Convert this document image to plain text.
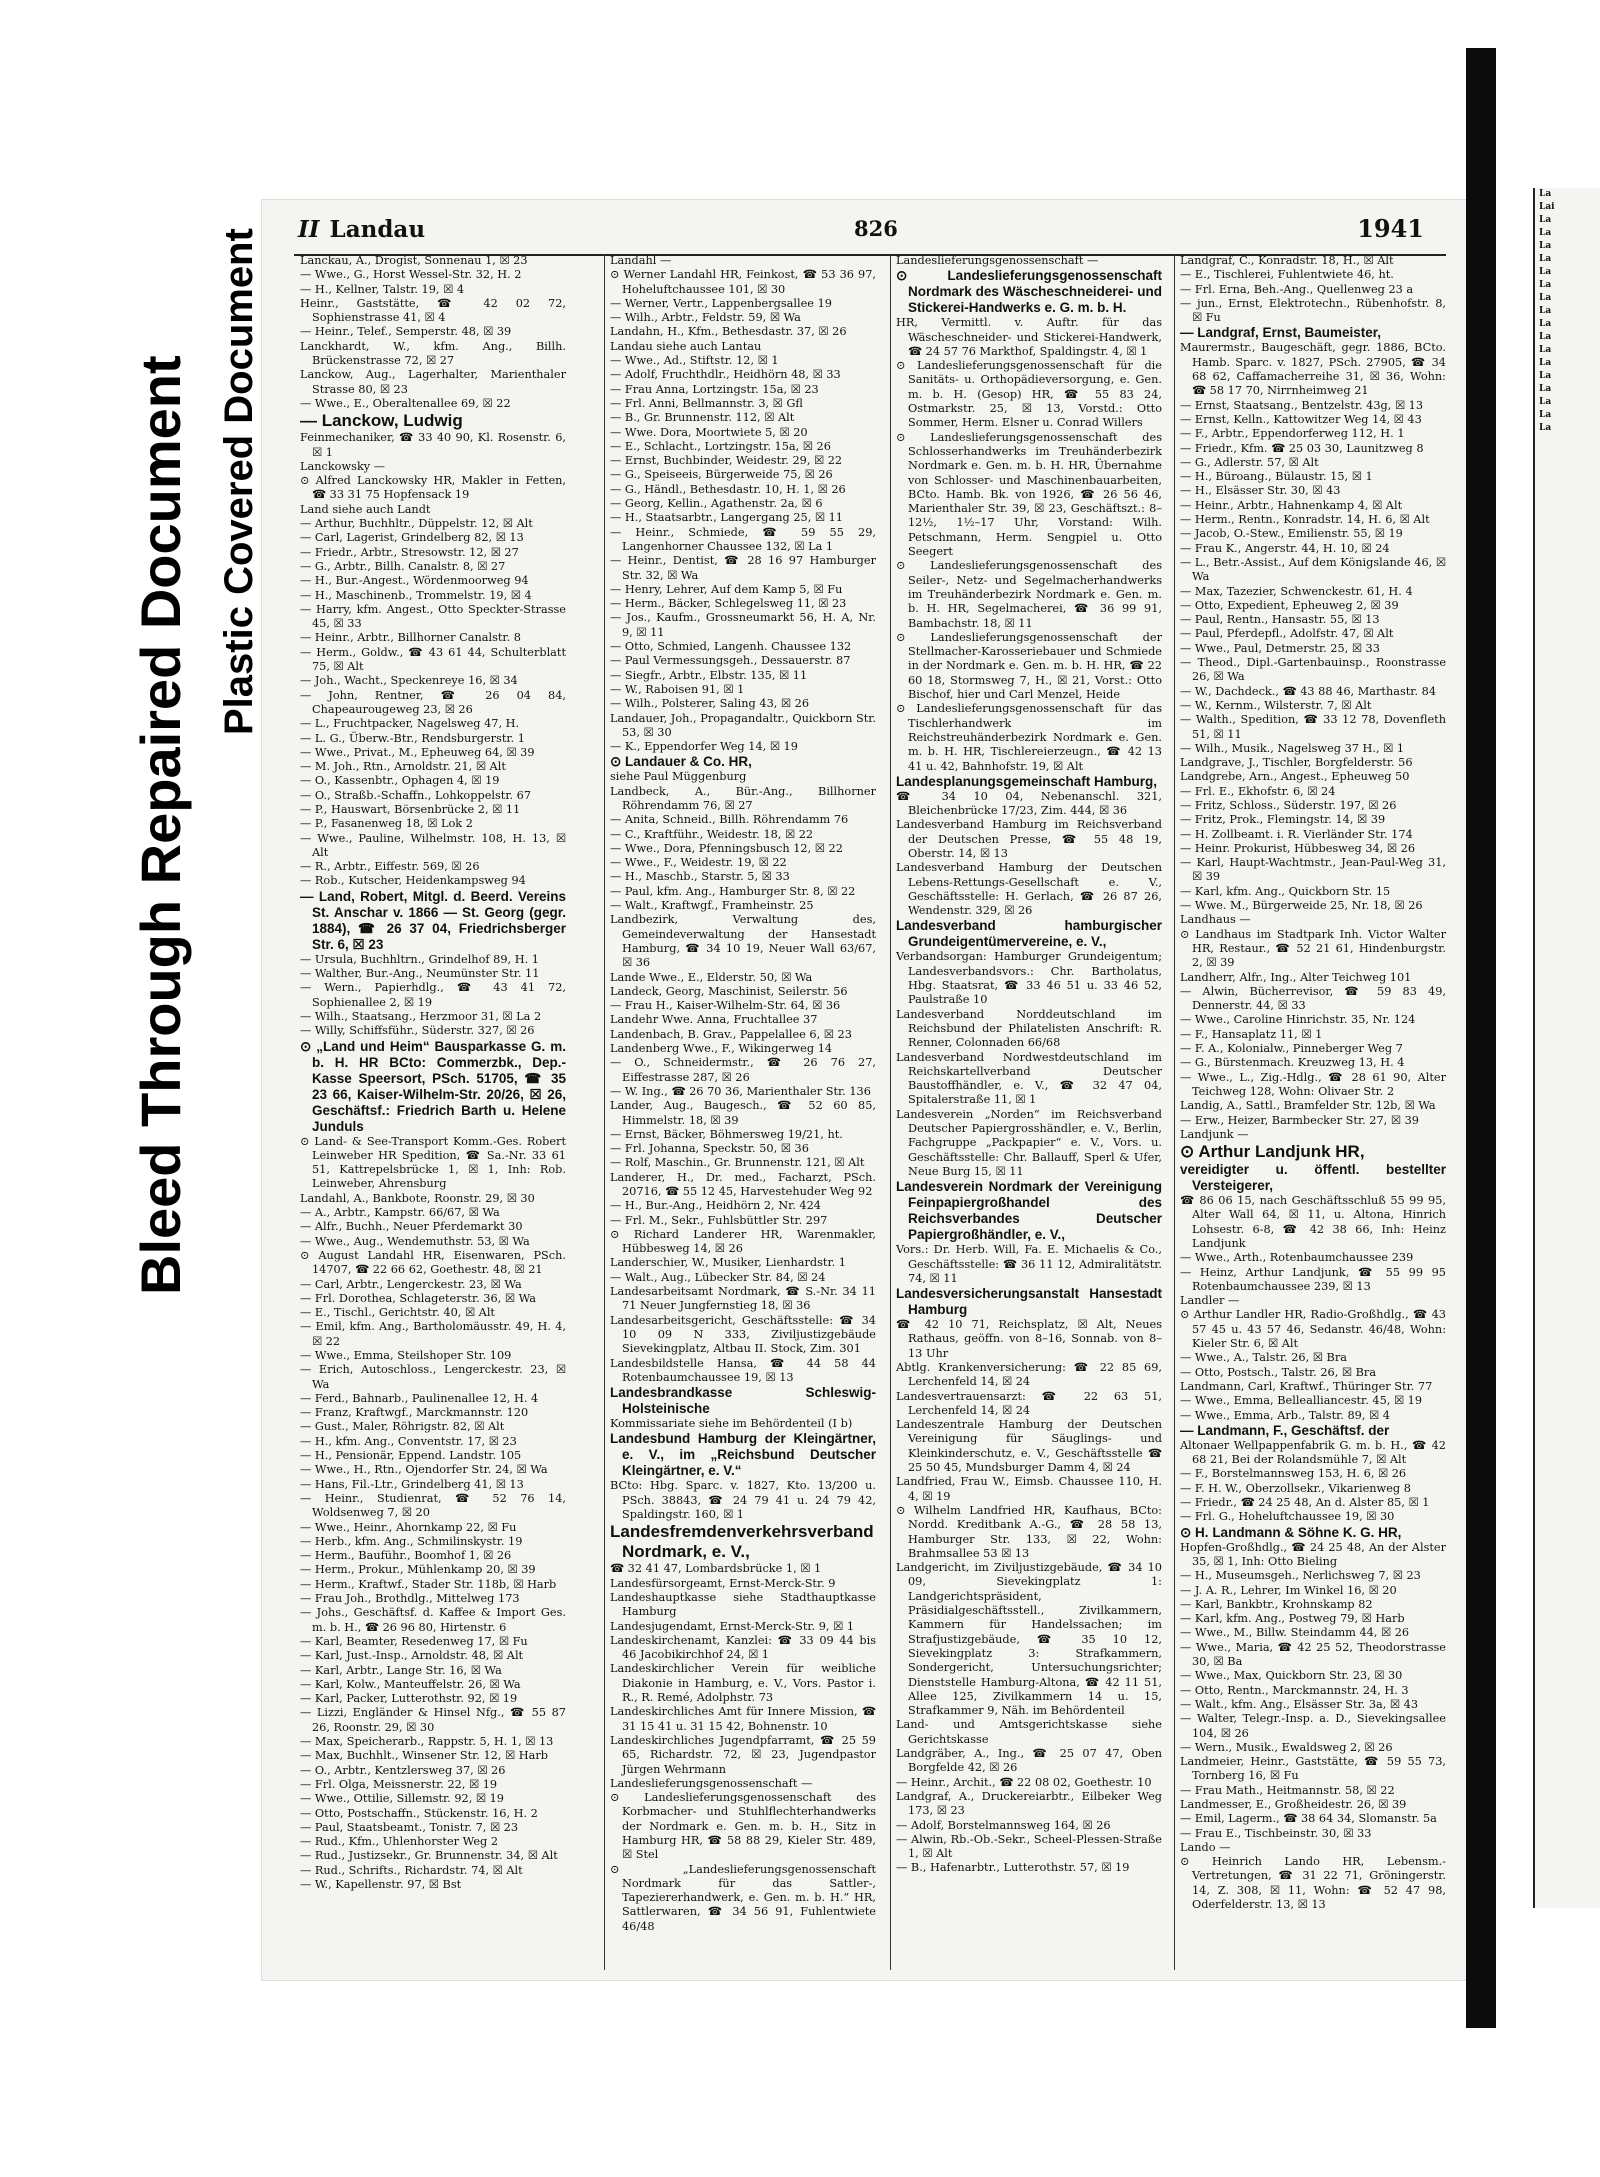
Bleed Through Repaired Document Plastic Covered Document II Landau	826	1941

Lanckau, A., Drogist, Sonnenau 1, ☒ 23

— Wwe., G., Horst Wessel-Str. 32, H. 2

— H., Kellner, Talstr. 19, ☒ 4

Heinr., Gaststätte, ☎ 42 02 72, Sophienstrasse 41, ☒ 4

— Heinr., Telef., Semperstr. 48, ☒ 39

Lanckhardt, W., kfm. Ang., Billh. Brückenstrasse 72, ☒ 27

Lanckow, Aug., Lagerhalter, Marienthaler Strasse 80, ☒ 23

— Wwe., E., Oberaltenallee 69, ☒ 22

— Lanckow, Ludwig

Feinmechaniker, ☎ 33 40 90, Kl. Rosenstr. 6, ☒ 1

Lanckowsky —

⊙ Alfred Lanckowsky HR, Makler in Fetten, ☎ 33 31 75 Hopfensack 19

Land siehe auch Landt

— Arthur, Buchhltr., Düppelstr. 12, ☒ Alt

— Carl, Lagerist, Grindelberg 82, ☒ 13

— Friedr., Arbtr., Stresowstr. 12, ☒ 27

— G., Arbtr., Billh. Canalstr. 8, ☒ 27

— H., Bur.-Angest., Wördenmoorweg 94

— H., Maschinenb., Trommelstr. 19, ☒ 4

— Harry, kfm. Angest., Otto Speckter-Strasse 45, ☒ 33

— Heinr., Arbtr., Billhorner Canalstr. 8

— Herm., Goldw., ☎ 43 61 44, Schulterblatt 75, ☒ Alt

— Joh., Wacht., Speckenreye 16, ☒ 34

— John, Rentner, ☎ 26 04 84, Chapeaurougeweg 23, ☒ 26

— L., Fruchtpacker, Nagelsweg 47, H.

— L. G., Überw.-Btr., Rendsburgerstr. 1

— Wwe., Privat., M., Epheuweg 64, ☒ 39

— M. Joh., Rtn., Arnoldstr. 21, ☒ Alt

— O., Kassenbtr., Ophagen 4, ☒ 19

— O., Straßb.-Schaffn., Lohkoppelstr. 67

— P., Hauswart, Börsenbrücke 2, ☒ 11

— P., Fasanenweg 18, ☒ Lok 2

— Wwe., Pauline, Wilhelmstr. 108, H. 13, ☒ Alt

— R., Arbtr., Eiffestr. 569, ☒ 26

— Rob., Kutscher, Heidenkampsweg 94

— Land, Robert, Mitgl. d. Beerd. Vereins St. Anschar v. 1866 — St. Georg (gegr. 1884), ☎ 26 37 04, Friedrichsberger Str. 6, ☒ 23

— Ursula, Buchhltrn., Grindelhof 89, H. 1

— Walther, Bur.-Ang., Neumünster Str. 11

— Wern., Papierhdlg., ☎ 43 41 72, Sophienallee 2, ☒ 19

— Wilh., Staatsang., Herzmoor 31, ☒ La 2

— Willy, Schiffsführ., Süderstr. 327, ☒ 26

⊙ „Land und Heim“ Bausparkasse G. m. b. H. HR BCto: Commerzbk., Dep.-Kasse Speersort, PSch. 51705, ☎ 35 23 66, Kaiser-Wilhelm-Str. 20/26, ☒ 26, Geschäftsf.: Friedrich Barth u. Helene Junduls

⊙ Land- & See-Transport Komm.-Ges. Robert Leinweber HR Spedition, ☎ Sa.-Nr. 33 61 51, Kattrepelsbrücke 1, ☒ 1, Inh: Rob. Leinweber, Ahrensburg

Landahl, A., Bankbote, Roonstr. 29, ☒ 30

— A., Arbtr., Kampstr. 66/67, ☒ Wa

— Alfr., Buchh., Neuer Pferdemarkt 30

— Wwe., Aug., Wendemuthstr. 53, ☒ Wa

⊙ August Landahl HR, Eisenwaren, PSch. 14707, ☎ 22 66 62, Goethestr. 48, ☒ 21

— Carl, Arbtr., Lengerckestr. 23, ☒ Wa

— Frl. Dorothea, Schlageterstr. 36, ☒ Wa

— E., Tischl., Gerichtstr. 40, ☒ Alt

— Emil, kfm. Ang., Bartholomäusstr. 49, H. 4, ☒ 22

— Wwe., Emma, Steilshoper Str. 109

— Erich, Autoschloss., Lengerckestr. 23, ☒ Wa

— Ferd., Bahnarb., Paulinenallee 12, H. 4

— Franz, Kraftwgf., Marckmannstr. 120

— Gust., Maler, Röhrigstr. 82, ☒ Alt

— H., kfm. Ang., Conventstr. 17, ☒ 23

— H., Pensionär, Eppend. Landstr. 105

— Wwe., H., Rtn., Ojendorfer Str. 24, ☒ Wa

— Hans, Fil.-Ltr., Grindelberg 41, ☒ 13

— Heinr., Studienrat, ☎ 52 76 14, Woldsenweg 7, ☒ 20

— Wwe., Heinr., Ahornkamp 22, ☒ Fu

— Herb., kfm. Ang., Schmilinskystr. 19

— Herm., Bauführ., Boomhof 1, ☒ 26

— Herm., Prokur., Mühlenkamp 20, ☒ 39

— Herm., Kraftwf., Stader Str. 118b, ☒ Harb

— Frau Joh., Brothdlg., Mittelweg 173

— Johs., Geschäftsf. d. Kaffee & Import Ges. m. b. H., ☎ 26 96 80, Hirtenstr. 6

— Karl, Beamter, Resedenweg 17, ☒ Fu

— Karl, Just.-Insp., Arnoldstr. 48, ☒ Alt

— Karl, Arbtr., Lange Str. 16, ☒ Wa

— Karl, Kolw., Manteuffelstr. 26, ☒ Wa

— Karl, Packer, Lutterothstr. 92, ☒ 19

— Lizzi, Engländer & Hinsel Nfg., ☎ 55 87 26, Roonstr. 29, ☒ 30

— Max, Speicherarb., Rappstr. 5, H. 1, ☒ 13

— Max, Buchhlt., Winsener Str. 12, ☒ Harb

— O., Arbtr., Kentzlersweg 37, ☒ 26

— Frl. Olga, Meissnerstr. 22, ☒ 19

— Wwe., Ottilie, Sillemstr. 92, ☒ 19

— Otto, Postschaffn., Stückenstr. 16, H. 2

— Paul, Staatsbeamt., Tonistr. 7, ☒ 23

— Rud., Kfm., Uhlenhorster Weg 2

— Rud., Justizsekr., Gr. Brunnenstr. 34, ☒ Alt

— Rud., Schrifts., Richardstr. 74, ☒ Alt

— W., Kapellenstr. 97, ☒ Bst

Landahl —

⊙ Werner Landahl HR, Feinkost, ☎ 53 36 97, Hoheluftchaussee 101, ☒ 30

— Werner, Vertr., Lappenbergsallee 19

— Wilh., Arbtr., Feldstr. 59, ☒ Wa

Landahn, H., Kfm., Bethesdastr. 37, ☒ 26

Landau siehe auch Lantau

— Wwe., Ad., Stiftstr. 12, ☒ 1

— Adolf, Fruchthdlr., Heidhörn 48, ☒ 33

— Frau Anna, Lortzingstr. 15a, ☒ 23

— Frl. Anni, Bellmannstr. 3, ☒ Gfl

— B., Gr. Brunnenstr. 112, ☒ Alt

— Wwe. Dora, Moortwiete 5, ☒ 20

— E., Schlacht., Lortzingstr. 15a, ☒ 26

— Ernst, Buchbinder, Weidestr. 29, ☒ 22

— G., Speiseeis, Bürgerweide 75, ☒ 26

— G., Händl., Bethesdastr. 10, H. 1, ☒ 26

— Georg, Kellin., Agathenstr. 2a, ☒ 6

— H., Staatsarbtr., Langergang 25, ☒ 11

— Heinr., Schmiede, ☎ 59 55 29, Langenhorner Chaussee 132, ☒ La 1

— Heinr., Dentist, ☎ 28 16 97 Hamburger Str. 32, ☒ Wa

— Henry, Lehrer, Auf dem Kamp 5, ☒ Fu

— Herm., Bäcker, Schlegelsweg 11, ☒ 23

— Jos., Kaufm., Grossneumarkt 56, H. A, Nr. 9, ☒ 11

— Otto, Schmied, Langenh. Chaussee 132

— Paul Vermessungsgeh., Dessauerstr. 87

— Siegfr., Arbtr., Elbstr. 135, ☒ 11

— W., Raboisen 91, ☒ 1

— Wilh., Polsterer, Saling 43, ☒ 26

Landauer, Joh., Propagandaltr., Quickborn Str. 53, ☒ 30

— K., Eppendorfer Weg 14, ☒ 19

⊙ Landauer & Co. HR,

siehe Paul Müggenburg

Landbeck, A., Bür.-Ang., Billhorner Röhrendamm 76, ☒ 27

— Anita, Schneid., Billh. Röhrendamm 76

— C., Kraftführ., Weidestr. 18, ☒ 22

— Wwe., Dora, Pfenningsbusch 12, ☒ 22

— Wwe., F., Weidestr. 19, ☒ 22

— H., Maschb., Starstr. 5, ☒ 33

— Paul, kfm. Ang., Hamburger Str. 8, ☒ 22

— Walt., Kraftwgf., Framheinstr. 25

Landbezirk, Verwaltung des, Gemeindeverwaltung der Hansestadt Hamburg, ☎ 34 10 19, Neuer Wall 63/67, ☒ 36

Lande Wwe., E., Elderstr. 50, ☒ Wa

Landeck, Georg, Maschinist, Seilerstr. 56

— Frau H., Kaiser-Wilhelm-Str. 64, ☒ 36

Landehr Wwe. Anna, Fruchtallee 37

Landenbach, B. Grav., Pappelallee 6, ☒ 23

Landenberg Wwe., F., Wikingerweg 14

— O., Schneidermstr., ☎ 26 76 27, Eiffestrasse 287, ☒ 26

— W. Ing., ☎ 26 70 36, Marienthaler Str. 136

Lander, Aug., Baugesch., ☎ 52 60 85, Himmelstr. 18, ☒ 39

— Ernst, Bäcker, Böhmersweg 19/21, ht.

— Frl. Johanna, Speckstr. 50, ☒ 36

— Rolf, Maschin., Gr. Brunnenstr. 121, ☒ Alt

Landerer, H., Dr. med., Facharzt, PSch. 20716, ☎ 55 12 45, Harvestehuder Weg 92

— H., Bur.-Ang., Heidhörn 2, Nr. 424

— Frl. M., Sekr., Fuhlsbüttler Str. 297

⊙ Richard Landerer HR, Warenmakler, Hübbesweg 14, ☒ 26

Landerschier, W., Musiker, Lienhardstr. 1

— Walt., Aug., Lübecker Str. 84, ☒ 24

Landesarbeitsamt Nordmark, ☎ S.-Nr. 34 11 71 Neuer Jungfernstieg 18, ☒ 36

Landesarbeitsgericht, Geschäftsstelle: ☎ 34 10 09 N 333, Ziviljustizgebäude Sievekingplatz, Altbau II. Stock, Zim. 301

Landesbildstelle Hansa, ☎ 44 58 44 Rotenbaumchaussee 19, ☒ 13

Landesbrandkasse Schleswig-Holsteinische

Kommissariate siehe im Behördenteil (I b)

Landesbund Hamburg der Kleingärtner, e. V., im „Reichsbund Deutscher Kleingärtner, e. V.“

BCto: Hbg. Sparc. v. 1827, Kto. 13/200 u. PSch. 38843, ☎ 24 79 41 u. 24 79 42, Spaldingstr. 160, ☒ 1

Landesfremdenverkehrsverband Nordmark, e. V.,

☎ 32 41 47, Lombardsbrücke 1, ☒ 1

Landesfürsorgeamt, Ernst-Merck-Str. 9

Landeshauptkasse siehe Stadthauptkasse Hamburg

Landesjugendamt, Ernst-Merck-Str. 9, ☒ 1

Landeskirchenamt, Kanzlei: ☎ 33 09 44 bis 46 Jacobikirchhof 24, ☒ 1

Landeskirchlicher Verein für weibliche Diakonie in Hamburg, e. V., Vors. Pastor i. R., R. Remé, Adolphstr. 73

Landeskirchliches Amt für Innere Mission, ☎ 31 15 41 u. 31 15 42, Bohnenstr. 10

Landeskirchliches Jugendpfarramt, ☎ 25 59 65, Richardstr. 72, ☒ 23, Jugendpastor Jürgen Wehrmann

Landeslieferungsgenossenschaft —

⊙ Landeslieferungsgenossenschaft des Korbmacher- und Stuhlflechterhandwerks der Nordmark e. Gen. m. b. H., Sitz in Hamburg HR, ☎ 58 88 29, Kieler Str. 489, ☒ Stel

⊙ „Landeslieferungsgenossenschaft Nordmark für das Sattler-, Tapeziererhandwerk, e. Gen. m. b. H.“ HR, Sattlerwaren, ☎ 34 56 91, Fuhlentwiete 46/48

Landeslieferungsgenossenschaft —

⊙ Landeslieferungsgenossenschaft Nordmark des Wäscheschneiderei- und Stickerei-Handwerks e. G. m. b. H.

HR, Vermittl. v. Auftr. für das Wäscheschneider- und Stickerei-Handwerk, ☎ 24 57 76 Markthof, Spaldingstr. 4, ☒ 1

⊙ Landeslieferungsgenossenschaft für die Sanitäts- u. Orthopädieversorgung, e. Gen. m. b. H. (Gesop) HR, ☎ 55 83 24, Ostmarkstr. 25, ☒ 13, Vorstd.: Otto Sommer, Herm. Elsner u. Conrad Willers

⊙ Landeslieferungsgenossenschaft des Schlosserhandwerks im Treuhänderbezirk Nordmark e. Gen. m. b. H. HR, Übernahme von Schlosser- und Maschinenbauarbeiten, BCto. Hamb. Bk. von 1926, ☎ 26 56 46, Marienthaler Str. 39, ☒ 23, Geschäftszt.: 8–12½, 1½–17 Uhr, Vorstand: Wilh. Petschmann, Herm. Sengpiel u. Otto Seegert

⊙ Landeslieferungsgenossenschaft des Seiler-, Netz- und Segelmacherhandwerks im Treuhänderbezirk Nordmark e. Gen. m. b. H. HR, Segelmacherei, ☎ 36 99 91, Bambachstr. 18, ☒ 11

⊙ Landeslieferungsgenossenschaft der Stellmacher-Karosseriebauer und Schmiede in der Nordmark e. Gen. m. b. H. HR, ☎ 22 60 18, Stormsweg 7, H., ☒ 21, Vorst.: Otto Bischof, hier und Carl Menzel, Heide

⊙ Landeslieferungsgenossenschaft für das Tischlerhandwerk im Reichstreuhänderbezirk Nordmark e. Gen. m. b. H. HR, Tischlereierzeugn., ☎ 42 13 41 u. 42, Bahnhofstr. 19, ☒ Alt

Landesplanungsgemeinschaft Hamburg,

☎ 34 10 04, Nebenanschl. 321, Bleichenbrücke 17/23, Zim. 444, ☒ 36

Landesverband Hamburg im Reichsverband der Deutschen Presse, ☎ 55 48 19, Oberstr. 14, ☒ 13

Landesverband Hamburg der Deutschen Lebens-Rettungs-Gesellschaft e. V., Geschäftsstelle: H. Gerlach, ☎ 26 87 26, Wendenstr. 329, ☒ 26

Landesverband hamburgischer Grundeigentümervereine, e. V.,

Verbandsorgan: Hamburger Grundeigentum; Landesverbandsvors.: Chr. Bartholatus, Hbg. Staatsrat, ☎ 33 46 51 u. 33 46 52, Paulstraße 10

Landesverband Norddeutschland im Reichsbund der Philatelisten Anschrift: R. Renner, Colonnaden 66/68

Landesverband Nordwestdeutschland im Reichskartellverband Deutscher Baustoffhändler, e. V., ☎ 32 47 04, Spitalerstraße 11, ☒ 1

Landesverein „Norden“ im Reichsverband Deutscher Papiergrosshändler, e. V., Berlin, Fachgruppe „Packpapier“ e. V., Vors. u. Geschäftsstelle: Chr. Ballauff, Sperl & Ufer, Neue Burg 15, ☒ 11

Landesverein Nordmark der Vereinigung Feinpapiergroßhandel des Reichsverbandes Deutscher Papiergroßhändler, e. V.,

Vors.: Dr. Herb. Will, Fa. E. Michaelis & Co., Geschäftsstelle: ☎ 36 11 12, Admiralitätstr. 74, ☒ 11

Landesversicherungsanstalt Hansestadt Hamburg

☎ 42 10 71, Reichsplatz, ☒ Alt, Neues Rathaus, geöffn. von 8–16, Sonnab. von 8–13 Uhr

Abtlg. Krankenversicherung: ☎ 22 85 69, Lerchenfeld 14, ☒ 24

Landesvertrauensarzt: ☎ 22 63 51, Lerchenfeld 14, ☒ 24

Landeszentrale Hamburg der Deutschen Vereinigung für Säuglings- und Kleinkinderschutz, e. V., Geschäftsstelle ☎ 25 50 45, Mundsburger Damm 4, ☒ 24

Landfried, Frau W., Eimsb. Chaussee 110, H. 4, ☒ 19

⊙ Wilhelm Landfried HR, Kaufhaus, BCto: Nordd. Kreditbank A.-G., ☎ 28 58 13, Hamburger Str. 133, ☒ 22, Wohn: Brahmsallee 53 ☒ 13

Landgericht, im Ziviljustizgebäude, ☎ 34 10 09, Sievekingplatz 1: Landgerichtspräsident, Präsidialgeschäftsstell., Zivilkammern, Kammern für Handelssachen; im Strafjustizgebäude, ☎ 35 10 12, Sievekingplatz 3: Strafkammern, Sondergericht, Untersuchungsrichter; Dienststelle Hamburg-Altona, ☎ 42 11 51, Allee 125, Zivilkammern 14 u. 15, Strafkammer 9, Näh. im Behördenteil

Land- und Amtsgerichtskasse siehe Gerichtskasse

Landgräber, A., Ing., ☎ 25 07 47, Oben Borgfelde 42, ☒ 26

— Heinr., Archit., ☎ 22 08 02, Goethestr. 10

Landgraf, A., Druckereiarbtr., Eilbeker Weg 173, ☒ 23

— Adolf, Borstelmannsweg 164, ☒ 26

— Alwin, Rb.-Ob.-Sekr., Scheel-Plessen-Straße 1, ☒ Alt

— B., Hafenarbtr., Lutterothstr. 57, ☒ 19

Landgraf, C., Konradstr. 18, H., ☒ Alt

— E., Tischlerei, Fuhlentwiete 46, ht.

— Frl. Erna, Beh.-Ang., Quellenweg 23 a

— jun., Ernst, Elektrotechn., Rübenhofstr. 8, ☒ Fu

— Landgraf, Ernst, Baumeister,

Maurermstr., Baugeschäft, gegr. 1886, BCto. Hamb. Sparc. v. 1827, PSch. 27905, ☎ 34 68 62, Caffamacherreihe 31, ☒ 36, Wohn: ☎ 58 17 70, Nirrnheimweg 21

— Ernst, Staatsang., Bentzelstr. 43g, ☒ 13

— Ernst, Kelln., Kattowitzer Weg 14, ☒ 43

— F., Arbtr., Eppendorferweg 112, H. 1

— Friedr., Kfm. ☎ 25 03 30, Launitzweg 8

— G., Adlerstr. 57, ☒ Alt

— H., Büroang., Bülaustr. 15, ☒ 1

— H., Elsässer Str. 30, ☒ 43

— Heinr., Arbtr., Hahnenkamp 4, ☒ Alt

— Herm., Rentn., Konradstr. 14, H. 6, ☒ Alt

— Jacob, O.-Stew., Emilienstr. 55, ☒ 19

— Frau K., Angerstr. 44, H. 10, ☒ 24

— L., Betr.-Assist., Auf dem Königslande 46, ☒ Wa

— Max, Tazezier, Schwenckestr. 61, H. 4

— Otto, Expedient, Epheuweg 2, ☒ 39

— Paul, Rentn., Hansastr. 55, ☒ 13

— Paul, Pferdepfl., Adolfstr. 47, ☒ Alt

— Wwe., Paul, Detmerstr. 25, ☒ 33

— Theod., Dipl.-Gartenbauinsp., Roonstrasse 26, ☒ Wa

— W., Dachdeck., ☎ 43 88 46, Marthastr. 84

— W., Kernm., Wilsterstr. 7, ☒ Alt

— Walth., Spedition, ☎ 33 12 78, Dovenfleth 51, ☒ 11

— Wilh., Musik., Nagelsweg 37 H., ☒ 1

Landgrave, J., Tischler, Borgfelderstr. 56

Landgrebe, Arn., Angest., Epheuweg 50

— Frl. E., Ekhofstr. 6, ☒ 24

— Fritz, Schloss., Süderstr. 197, ☒ 26

— Fritz, Prok., Flemingstr. 14, ☒ 39

— H. Zollbeamt. i. R. Vierländer Str. 174

— Heinr. Prokurist, Hübbesweg 34, ☒ 26

— Karl, Haupt-Wachtmstr., Jean-Paul-Weg 31, ☒ 39

— Karl, kfm. Ang., Quickborn Str. 15

— Wwe. M., Bürgerweide 25, Nr. 18, ☒ 26

Landhaus —

⊙ Landhaus im Stadtpark Inh. Victor Walter HR, Restaur., ☎ 52 21 61, Hindenburgstr. 2, ☒ 39

Landherr, Alfr., Ing., Alter Teichweg 101

— Alwin, Bücherrevisor, ☎ 59 83 49, Dennerstr. 44, ☒ 33

— Wwe., Caroline Hinrichstr. 35, Nr. 124

— F., Hansaplatz 11, ☒ 1

— F. A., Kolonialw., Pinneberger Weg 7

— G., Bürstenmach. Kreuzweg 13, H. 4

— Wwe., L., Zig.-Hdlg., ☎ 28 61 90, Alter Teichweg 128, Wohn: Olivaer Str. 2

Landig, A., Sattl., Bramfelder Str. 12b, ☒ Wa

— Erw., Heizer, Barmbecker Str. 27, ☒ 39

Landjunk —

⊙ Arthur Landjunk HR,

vereidigter u. öffentl. bestellter Versteigerer,

☎ 86 06 15, nach Geschäftsschluß 55 99 95, Alter Wall 64, ☒ 11, u. Altona, Hinrich Lohsestr. 6-8, ☎ 42 38 66, Inh: Heinz Landjunk

— Wwe., Arth., Rotenbaumchaussee 239

— Heinz, Arthur Landjunk, ☎ 55 99 95 Rotenbaumchaussee 239, ☒ 13

Landler —

⊙ Arthur Landler HR, Radio-Großhdlg., ☎ 43 57 45 u. 43 57 46, Sedanstr. 46/48, Wohn: Kieler Str. 6, ☒ Alt

— Wwe., A., Talstr. 26, ☒ Bra

— Otto, Postsch., Talstr. 26, ☒ Bra

Landmann, Carl, Kraftwf., Thüringer Str. 77

— Wwe., Emma, Bellealliancestr. 45, ☒ 19

— Wwe., Emma, Arb., Talstr. 89, ☒ 4

— Landmann, F., Geschäftsf. der

Altonaer Wellpappenfabrik G. m. b. H., ☎ 42 68 21, Bei der Rolandsmühle 7, ☒ Alt

— F., Borstelmannsweg 153, H. 6, ☒ 26

— F. H. W., Oberzollsekr., Vikarienweg 8

— Friedr., ☎ 24 25 48, An d. Alster 85, ☒ 1

— Frl. G., Hoheluftchaussee 19, ☒ 30

⊙ H. Landmann & Söhne K. G. HR,

Hopfen-Großhdlg., ☎ 24 25 48, An der Alster 35, ☒ 1, Inh: Otto Bieling

— H., Museumsgeh., Nerlichsweg 7, ☒ 23

— J. A. R., Lehrer, Im Winkel 16, ☒ 20

— Karl, Bankbtr., Krohnskamp 82

— Karl, kfm. Ang., Postweg 79, ☒ Harb

— Wwe., M., Billw. Steindamm 44, ☒ 26

— Wwe., Maria, ☎ 42 25 52, Theodorstrasse 30, ☒ Ba

— Wwe., Max, Quickborn Str. 23, ☒ 30

— Otto, Rentn., Marckmannstr. 24, H. 3

— Walt., kfm. Ang., Elsässer Str. 3a, ☒ 43

— Walter, Telegr.-Insp. a. D., Sievekingsallee 104, ☒ 26

— Wern., Musik., Ewaldsweg 2, ☒ 26

Landmeier, Heinr., Gaststätte, ☎ 59 55 73, Tornberg 16, ☒ Fu

— Frau Math., Heitmannstr. 58, ☒ 22

Landmesser, E., Großheidestr. 26, ☒ 39

— Emil, Lagerm., ☎ 38 64 34, Slomanstr. 5a

— Frau E., Tischbeinstr. 30, ☒ 33

Lando —

⊙ Heinrich Lando HR, Lebensm.-Vertretungen, ☎ 31 22 71, Gröningerstr. 14, Z. 308, ☒ 11, Wohn: ☎ 52 47 98, Oderfelderstr. 13, ☒ 13

La
Lai
La
La
La
La
La
La
La
La
La
La
La
La
La
La
La
La
La
